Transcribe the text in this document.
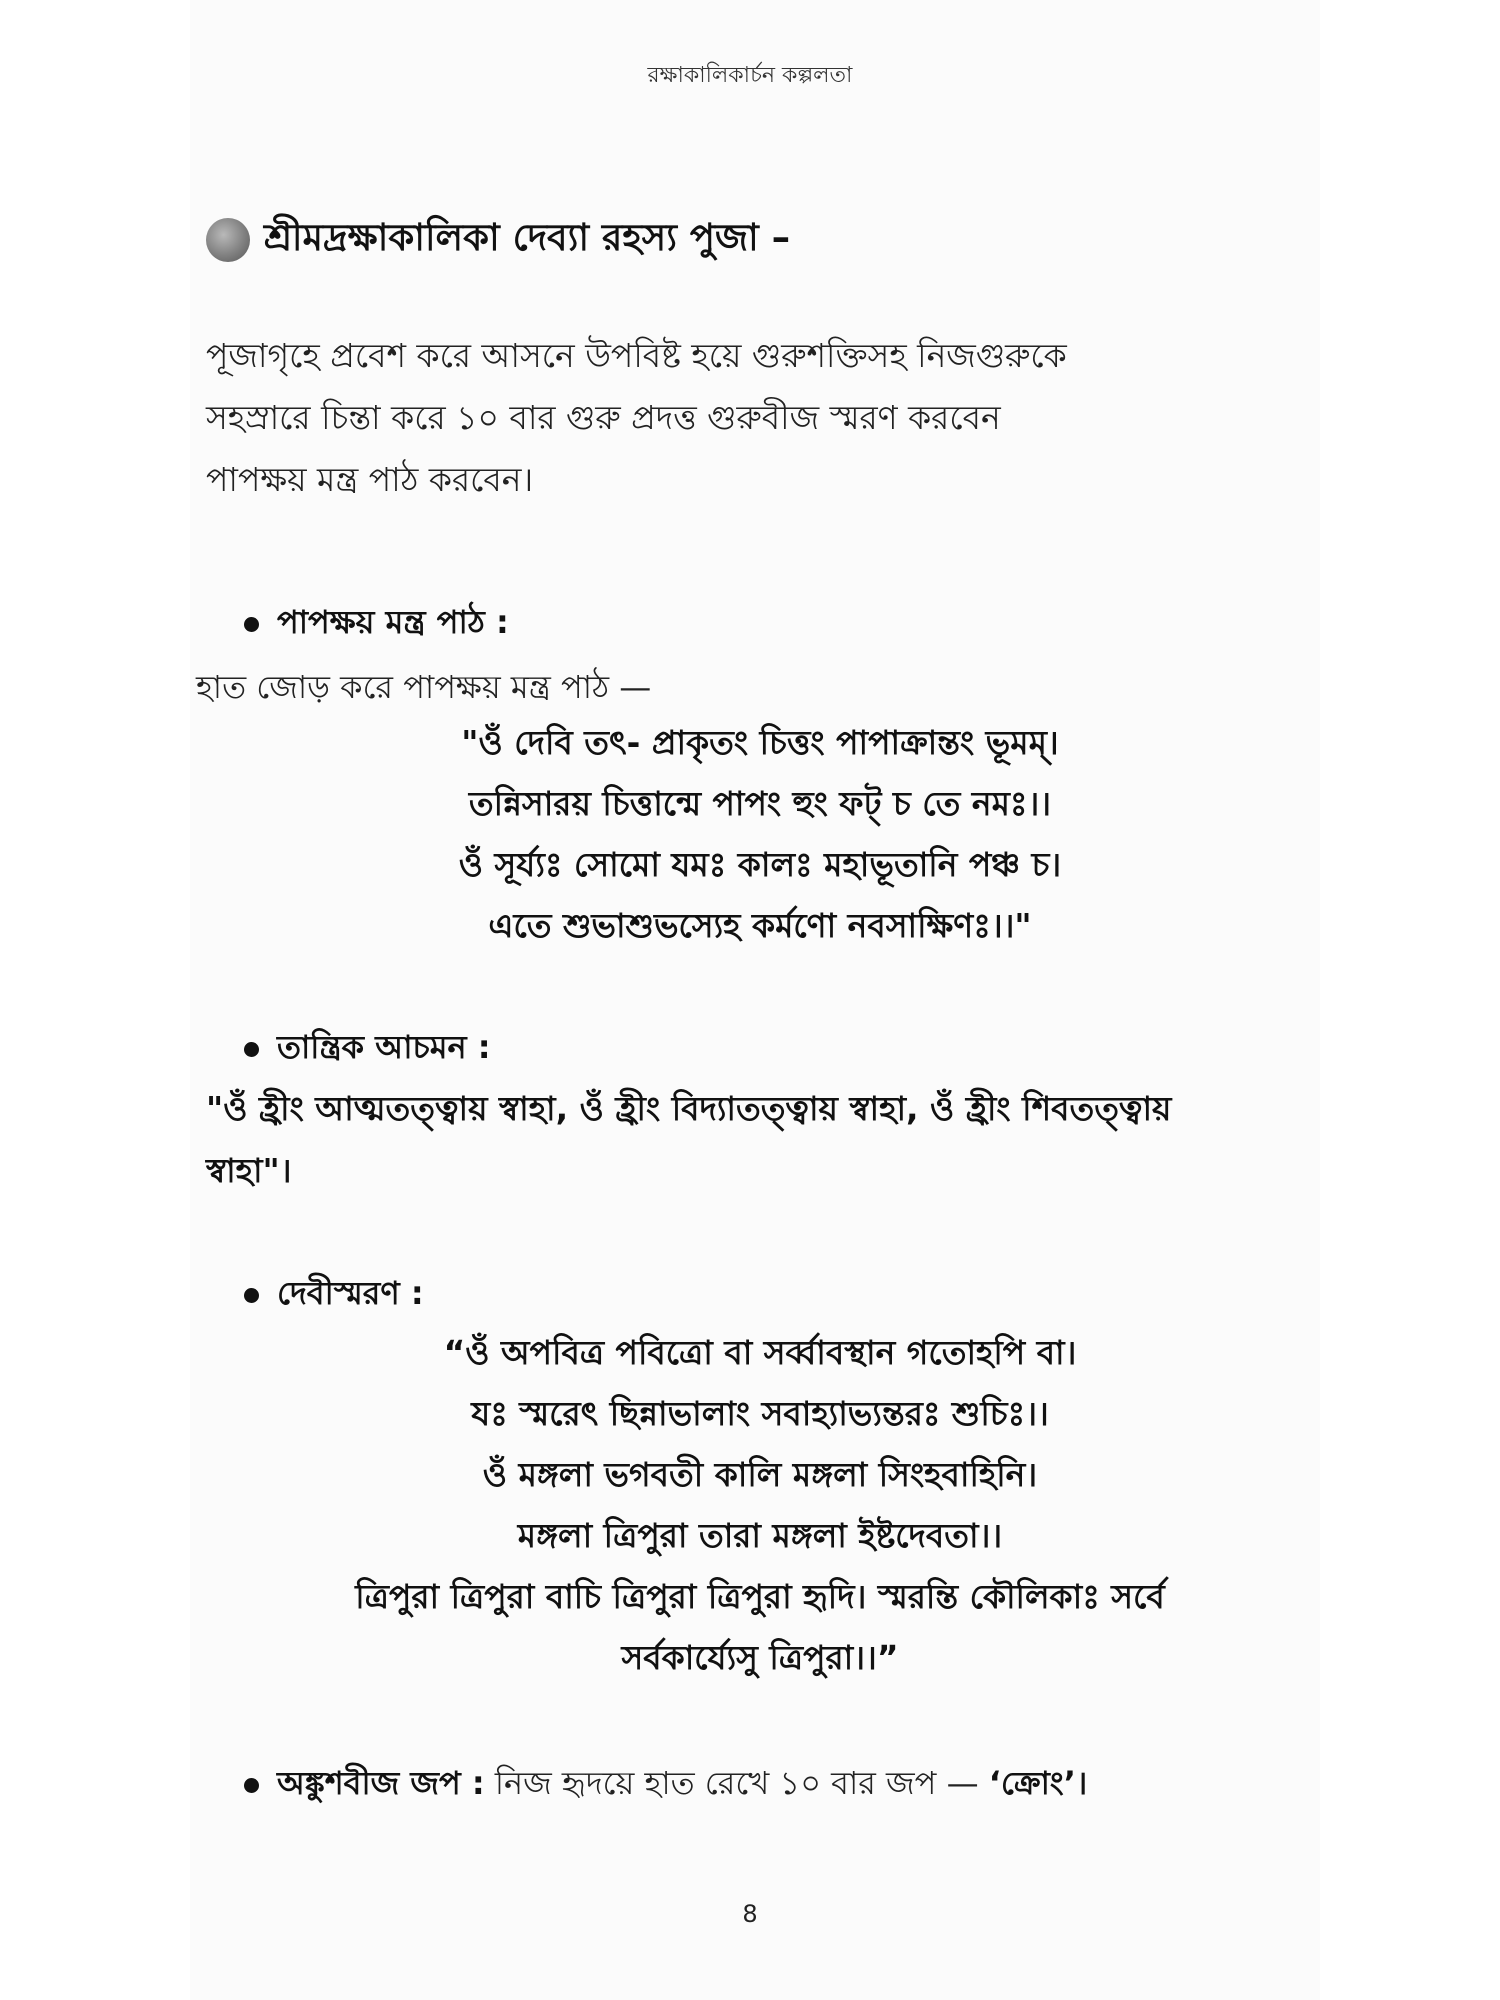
রক্ষাকালিকার্চন কল্পলতা
শ্রীমদ্রক্ষাকালিকা দেব্যা রহস্য পুজা –
পূজাগৃহে প্রবেশ করে আসনে উপবিষ্ট হয়ে গুরুশক্তিসহ নিজগুরুকে
সহস্রারে চিন্তা করে ১০ বার গুরু প্রদত্ত গুরুবীজ স্মরণ করবেন
পাপক্ষয় মন্ত্র পাঠ করবেন।
পাপক্ষয় মন্ত্র পাঠ :
হাত জোড় করে পাপক্ষয় মন্ত্র পাঠ —
"ওঁ দেবি তৎ- প্রাকৃতং চিত্তং পাপাক্রান্তং ভূমম্।
তন্নিসারয় চিত্তান্মে পাপং হুং ফট্ চ তে নমঃ।।
ওঁ সূর্য্যঃ সোমো যমঃ কালঃ মহাভূতানি পঞ্চ চ।
এতে শুভাশুভস্যেহ কর্মণো নবসাক্ষিণঃ।।"
তান্ত্রিক আচমন :
"ওঁ হ্রীং আত্মতত্ত্বায় স্বাহা, ওঁ হ্রীং বিদ্যাতত্ত্বায় স্বাহা, ওঁ হ্রীং শিবতত্ত্বায়
স্বাহা"।
দেবীস্মরণ :
“ওঁ অপবিত্র পবিত্রো বা সর্ব্বাবস্থান গতোহপি বা।
যঃ স্মরেৎ ছিন্নাভালাং সবাহ্যাভ্যন্তরঃ শুচিঃ।।
ওঁ মঙ্গলা ভগবতী কালি মঙ্গলা সিংহবাহিনি।
মঙ্গলা ত্রিপুরা তারা মঙ্গলা ইষ্টদেবতা।।
ত্রিপুরা ত্রিপুরা বাচি ত্রিপুরা ত্রিপুরা হৃদি। স্মরন্তি কৌলিকাঃ সর্বে
সর্বকার্য্যেসু ত্রিপুরা।।”
অঙ্কুশবীজ জপ : নিজ হৃদয়ে হাত রেখে ১০ বার জপ — ‘ক্রোং’।
8
